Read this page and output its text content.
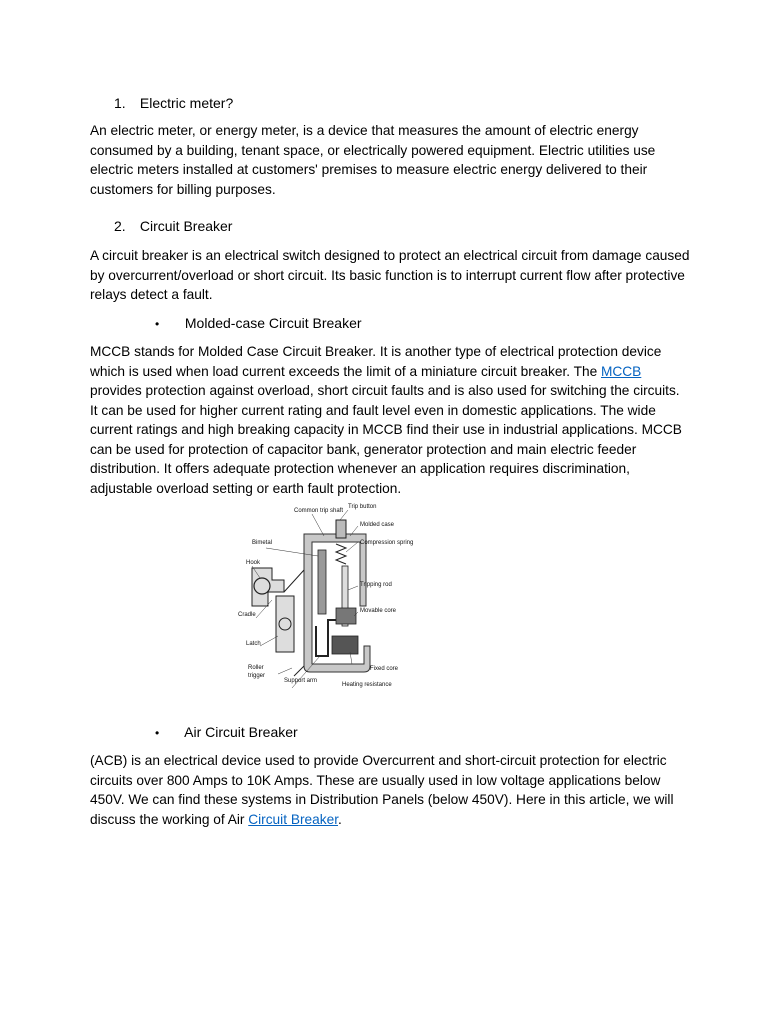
1. Electric meter?

An electric meter, or energy meter, is a device that measures the amount of electric energy consumed by a building, tenant space, or electrically powered equipment. Electric utilities use electric meters installed at customers' premises to measure electric energy delivered to their customers for billing purposes.

2. Circuit Breaker

A circuit breaker is an electrical switch designed to protect an electrical circuit from damage caused by overcurrent/overload or short circuit. Its basic function is to interrupt current flow after protective relays detect a fault.

• Molded-case Circuit Breaker

MCCB stands for Molded Case Circuit Breaker. It is another type of electrical protection device which is used when load current exceeds the limit of a miniature circuit breaker. The MCCB provides protection against overload, short circuit faults and is also used for switching the circuits. It can be used for higher current rating and fault level even in domestic applications. The wide current ratings and high breaking capacity in MCCB find their use in industrial applications. MCCB can be used for protection of capacitor bank, generator protection and main electric feeder distribution. It offers adequate protection whenever an application requires discrimination, adjustable overload setting or earth fault protection.

Common trip shaft
Trip button
Molded case
Bimetal	Compression spring
Hook
Tripping rod
Cradle
Movable core
Latch
Roller
trigger
Fixed core
Support arm
Heating resistance
• Air Circuit Breaker

(ACB) is an electrical device used to provide Overcurrent and short-circuit protection for electric circuits over 800 Amps to 10K Amps. These are usually used in low voltage applications below 450V. We can find these systems in Distribution Panels (below 450V). Here in this article, we will discuss the working of Air Circuit Breaker.
